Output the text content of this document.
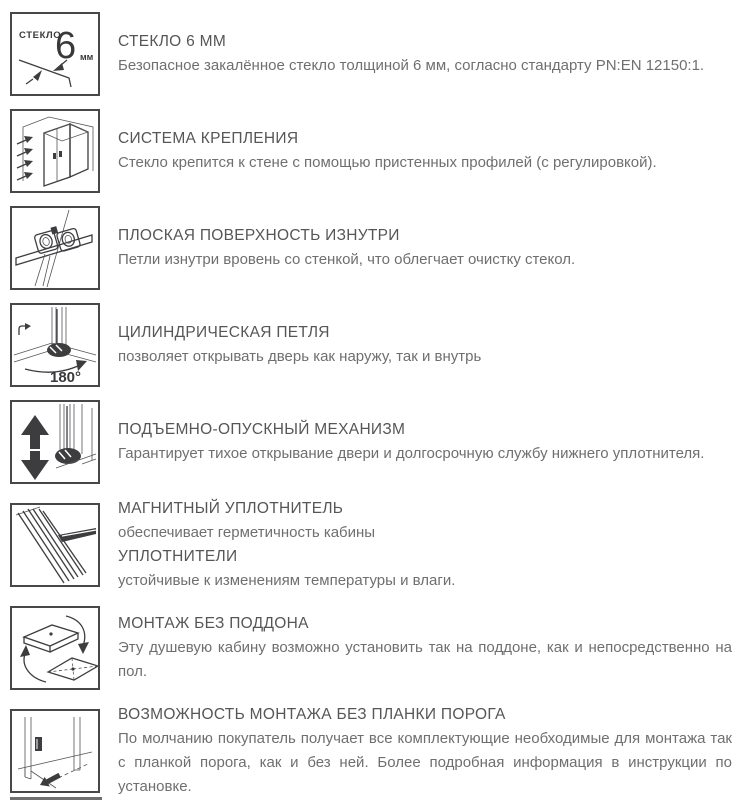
СТЕКЛО
6 мм

СТЕКЛО 6 ММ

Безопасное закалённое стекло толщиной 6 мм, согласно стандарту PN:EN 12150:1.

СИСТЕМА КРЕПЛЕНИЯ

Стекло крепится к стене с помощью пристенных профилей (с регулировкой).

ПЛОСКАЯ ПОВЕРХНОСТЬ ИЗНУТРИ

Петли изнутри вровень со стенкой, что облегчает очистку стекол.

180°

ЦИЛИНДРИЧЕСКАЯ ПЕТЛЯ

позволяет открывать дверь как наружу, так и внутрь

ПОДЪЕМНО-ОПУСКНЫЙ МЕХАНИЗМ

Гарантирует тихое открывание двери и долгосрочную службу нижнего уплотнителя.

МАГНИТНЫЙ УПЛОТНИТЕЛЬ

обеспечивает герметичность кабины

УПЛОТНИТЕЛИ

устойчивые к изменениям температуры и влаги.

МОНТАЖ БЕЗ ПОДДОНА

Эту душевую кабину возможно установить так на поддоне, как и непосредственно на пол.

ВОЗМОЖНОСТЬ МОНТАЖА БЕЗ ПЛАНКИ ПОРОГА

По молчанию покупатель получает все комплектующие необходимые для монтажа так с планкой порога, как и без ней. Более подробная информация в инструкции по установке.
